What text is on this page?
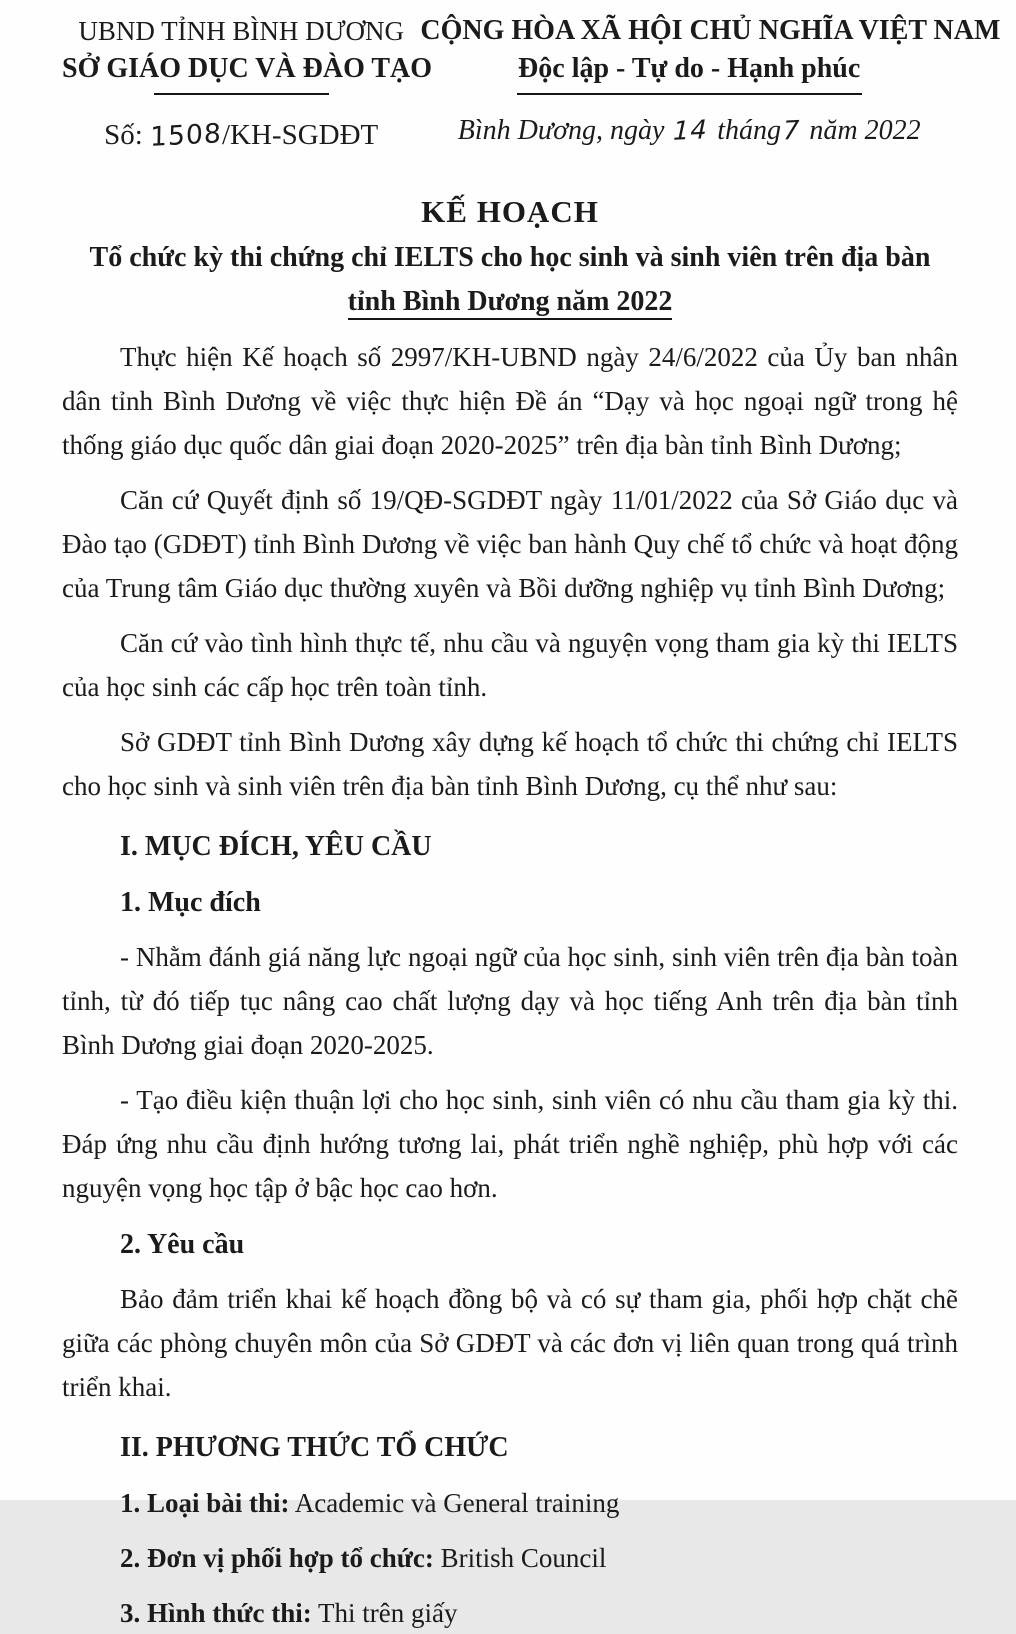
UBND TỈNH BÌNH DƯƠNG
SỞ GIÁO DỤC VÀ ĐÀO TẠO
Số: 1508/KH-SGDĐT
CỘNG HÒA XÃ HỘI CHỦ NGHĨA VIỆT NAM
Độc lập - Tự do - Hạnh phúc
Bình Dương, ngày 14 tháng7 năm 2022
KẾ HOẠCH
Tổ chức kỳ thi chứng chỉ IELTS cho học sinh và sinh viên trên địa bàn
tỉnh Bình Dương năm 2022

Thực hiện Kế hoạch số 2997/KH-UBND ngày 24/6/2022 của Ủy ban nhân dân tỉnh Bình Dương về việc thực hiện Đề án “Dạy và học ngoại ngữ trong hệ thống giáo dục quốc dân giai đoạn 2020-2025” trên địa bàn tỉnh Bình Dương;

Căn cứ Quyết định số 19/QĐ-SGDĐT ngày 11/01/2022 của Sở Giáo dục và Đào tạo (GDĐT) tỉnh Bình Dương về việc ban hành Quy chế tổ chức và hoạt động của Trung tâm Giáo dục thường xuyên và Bồi dưỡng nghiệp vụ tỉnh Bình Dương;

Căn cứ vào tình hình thực tế, nhu cầu và nguyện vọng tham gia kỳ thi IELTS của học sinh các cấp học trên toàn tỉnh.

Sở GDĐT tỉnh Bình Dương xây dựng kế hoạch tổ chức thi chứng chỉ IELTS cho học sinh và sinh viên trên địa bàn tỉnh Bình Dương, cụ thể như sau:

I. MỤC ĐÍCH, YÊU CẦU
1. Mục đích

- Nhằm đánh giá năng lực ngoại ngữ của học sinh, sinh viên trên địa bàn toàn tỉnh, từ đó tiếp tục nâng cao chất lượng dạy và học tiếng Anh trên địa bàn tỉnh Bình Dương giai đoạn 2020-2025.

- Tạo điều kiện thuận lợi cho học sinh, sinh viên có nhu cầu tham gia kỳ thi. Đáp ứng nhu cầu định hướng tương lai, phát triển nghề nghiệp, phù hợp với các nguyện vọng học tập ở bậc học cao hơn.

2. Yêu cầu

Bảo đảm triển khai kế hoạch đồng bộ và có sự tham gia, phối hợp chặt chẽ giữa các phòng chuyên môn của Sở GDĐT và các đơn vị liên quan trong quá trình triển khai.

II. PHƯƠNG THỨC TỔ CHỨC

1. Loại bài thi: Academic và General training

2. Đơn vị phối hợp tổ chức: British Council

3. Hình thức thi: Thi trên giấy
